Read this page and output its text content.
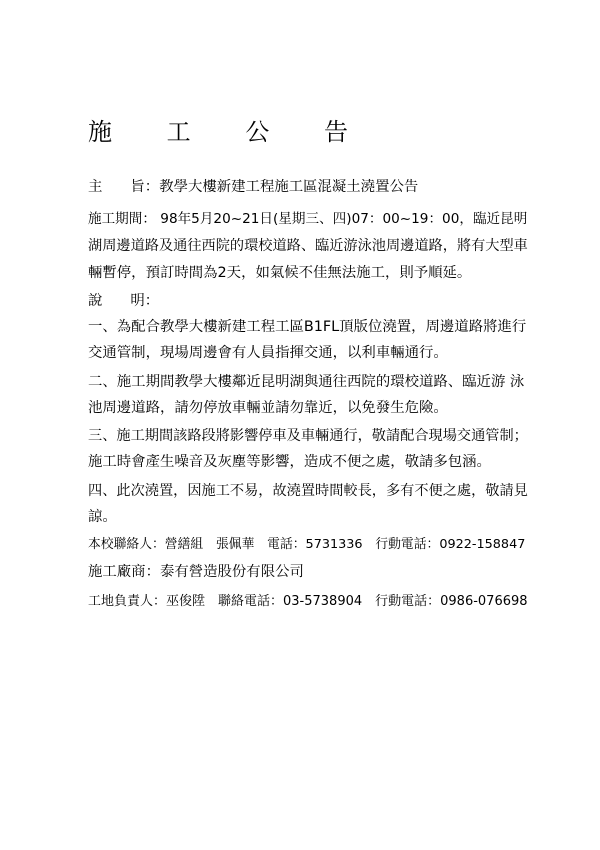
施 工 公 告
主 旨：教學大樓新建工程施工區混凝土澆置公告
施工期間： 98年5月20~21日(星期三、四)07：00~19：00，臨近昆明
湖周邊道路及通往西院的環校道路、臨近游泳池周邊道路，將有大型車
輛暫停，預訂時間為2天，如氣候不佳無法施工，則予順延。
說 明：
一、為配合教學大樓新建工程工區B1FL頂版位澆置，周邊道路將進行
交通管制，現場周邊會有人員指揮交通，以利車輛通行。
二、施工期間教學大樓鄰近昆明湖與通往西院的環校道路、臨近游 泳
池周邊道路，請勿停放車輛並請勿靠近，以免發生危險。
三、施工期間該路段將影響停車及車輛通行，敬請配合現場交通管制；
施工時會產生噪音及灰塵等影響，造成不便之處，敬請多包涵。
四、此次澆置，因施工不易，故澆置時間較長，多有不便之處，敬請見
諒。
本校聯絡人：營繕組　張佩華　電話：5731336　行動電話：0922-158847
施工廠商：泰有營造股份有限公司
工地負責人：巫俊陞　聯絡電話：03-5738904　行動電話：0986-076698
